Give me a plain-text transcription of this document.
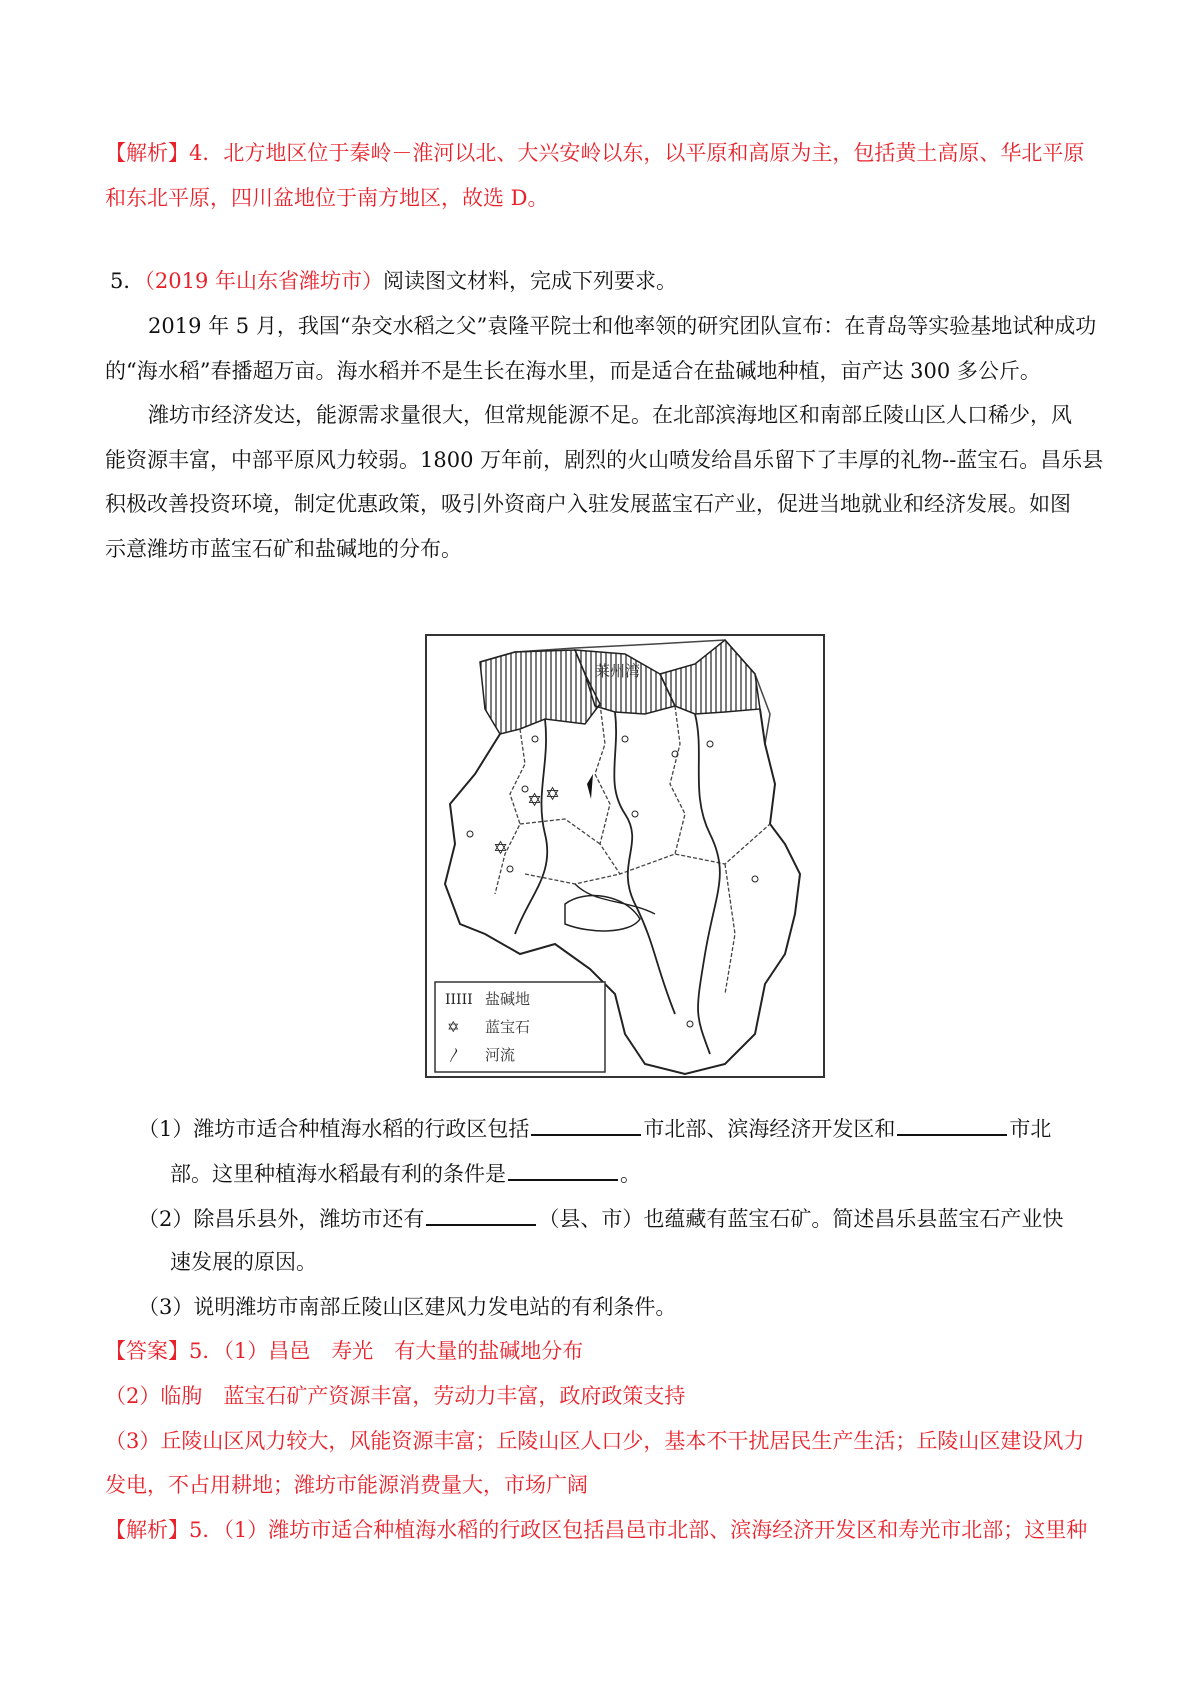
【解析】4．北方地区位于秦岭－淮河以北、大兴安岭以东，以平原和高原为主，包括黄土高原、华北平原
和东北平原，四川盆地位于南方地区，故选 D。
5．（2019 年山东省潍坊市）阅读图文材料，完成下列要求。
2019 年 5 月，我国“杂交水稻之父”袁隆平院士和他率领的研究团队宣布：在青岛等实验基地试种成功
的“海水稻”春播超万亩。海水稻并不是生长在海水里，而是适合在盐碱地种植，亩产达 300 多公斤。
潍坊市经济发达，能源需求量很大，但常规能源不足。在北部滨海地区和南部丘陵山区人口稀少，风
能资源丰富，中部平原风力较弱。1800 万年前，剧烈的火山喷发给昌乐留下了丰厚的礼物--蓝宝石。昌乐县
积极改善投资环境，制定优惠政策，吸引外资商户入驻发展蓝宝石产业，促进当地就业和经济发展。如图
示意潍坊市蓝宝石矿和盐碱地的分布。
✡ ✡
✡
IIIII 盐碱地
✡ 蓝宝石
〳 河流
（1）潍坊市适合种植海水稻的行政区包括	市北部、滨海经济开发区和	市北
部。这里种植海水稻最有利的条件是	。
（2）除昌乐县外，潍坊市还有	（县、市）也蕴藏有蓝宝石矿。简述昌乐县蓝宝石产业快
速发展的原因。
（3）说明潍坊市南部丘陵山区建风力发电站的有利条件。
【答案】5．（1）昌邑　寿光　有大量的盐碱地分布
（2）临朐　蓝宝石矿产资源丰富，劳动力丰富，政府政策支持
（3）丘陵山区风力较大，风能资源丰富；丘陵山区人口少，基本不干扰居民生产生活；丘陵山区建设风力
发电，不占用耕地；潍坊市能源消费量大，市场广阔
【解析】5．（1）潍坊市适合种植海水稻的行政区包括昌邑市北部、滨海经济开发区和寿光市北部；这里种
